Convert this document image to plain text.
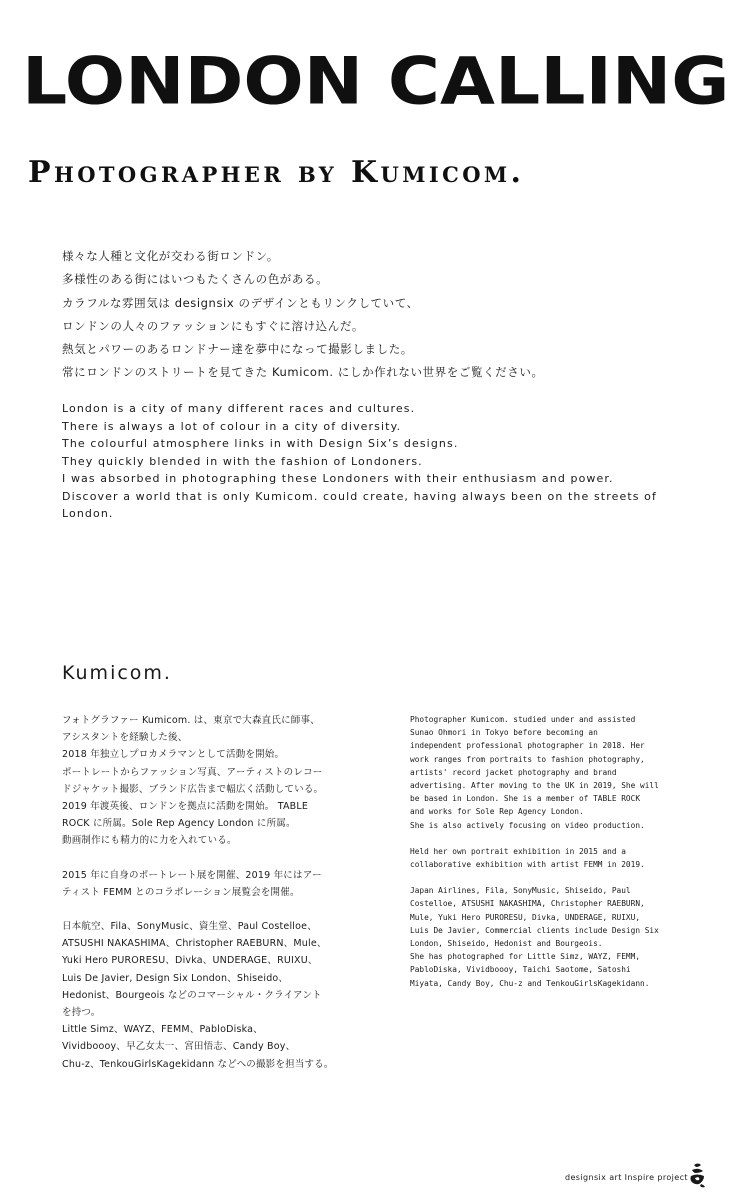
LONDON CALLING
Photographer by Kumicom.
様々な人種と文化が交わる街ロンドン。
多様性のある街にはいつもたくさんの色がある。
カラフルな雰囲気は designsix のデザインともリンクしていて、
ロンドンの人々のファッションにもすぐに溶け込んだ。
熱気とパワーのあるロンドナー達を夢中になって撮影しました。
常にロンドンのストリートを見てきた Kumicom. にしか作れない世界をご覧ください。
London is a city of many different races and cultures.
There is always a lot of colour in a city of diversity.
The colourful atmosphere links in with Design Six’s designs.
They quickly blended in with the fashion of Londoners.
I was absorbed in photographing these Londoners with their enthusiasm and power.
Discover a world that is only Kumicom. could create, having always been on the streets of London.
Kumicom.
フォトグラファー Kumicom. は、東京で大森直氏に師事、
アシスタントを経験した後、
2018 年独立しプロカメラマンとして活動を開始。
ポートレートからファッション写真、アーティストのレコー
ドジャケット撮影、ブランド広告まで幅広く活動している。
2019 年渡英後、ロンドンを拠点に活動を開始。 TABLE
ROCK に所属。Sole Rep Agency London に所属。
動画制作にも精力的に力を入れている。
2015 年に自身のポートレート展を開催、2019 年にはアー
ティスト FEMM とのコラボレーション展覧会を開催。
日本航空、Fila、SonyMusic、資生堂、Paul Costelloe、
ATSUSHI NAKASHIMA、Christopher RAEBURN、Mule、
Yuki Hero PURORESU、Divka、UNDERAGE、RUIXU、
Luis De Javier, Design Six London、Shiseido、
Hedonist、Bourgeois などのコマーシャル・クライアント
を持つ。
Little Simz、WAYZ、FEMM、PabloDiska、
Vividboooy、早乙女太一、宮田悟志、Candy Boy、
Chu-z、TenkouGirlsKagekidann などへの撮影を担当する。
Photographer Kumicom. studied under and assisted
Sunao Ohmori in Tokyo before becoming an
independent professional photographer in 2018. Her
work ranges from portraits to fashion photography,
artists' record jacket photography and brand
advertising. After moving to the UK in 2019, She will
be based in London. She is a member of TABLE ROCK
and works for Sole Rep Agency London.
She is also actively focusing on video production.
Held her own portrait exhibition in 2015 and a
collaborative exhibition with artist FEMM in 2019.
Japan Airlines, Fila, SonyMusic, Shiseido, Paul
Costelloe, ATSUSHI NAKASHIMA, Christopher RAEBURN,
Mule, Yuki Hero PURORESU, Divka, UNDERAGE, RUIXU,
Luis De Javier, Commercial clients include Design Six
London, Shiseido, Hedonist and Bourgeois.
She has photographed for Little Simz, WAYZ, FEMM,
PabloDiska, Vividboooy, Taichi Saotome, Satoshi
Miyata, Candy Boy, Chu-z and TenkouGirlsKagekidann.
designsix art Inspire project
